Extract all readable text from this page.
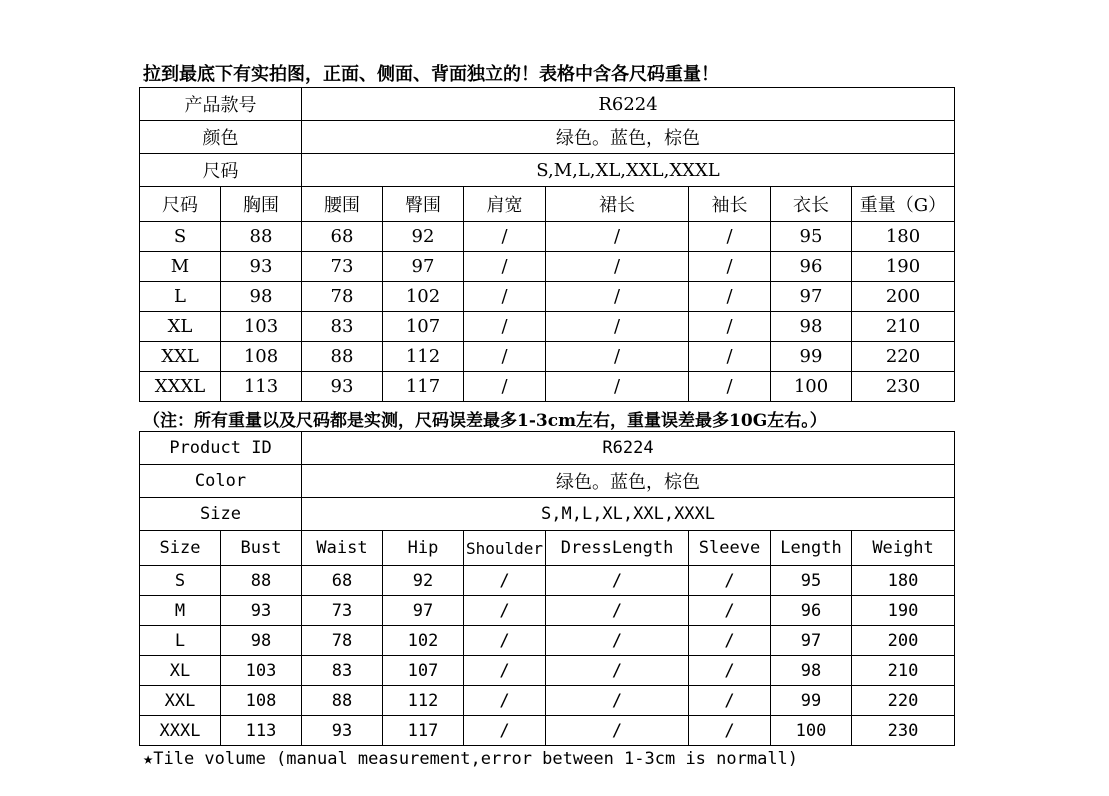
拉到最底下有实拍图，正面、侧面、背面独立的！表格中含各尺码重量！
产品款号		R6224						
颜色		绿色。蓝色，棕色						
尺码		S,M,L,XL,XXL,XXXL						
尺码	胸围	腰围	臀围	肩宽	裙长	袖长	衣长	重量（G）
S	88	68	92	/	/	/	95	180
M	93	73	97	/	/	/	96	190
L	98	78	102	/	/	/	97	200
XL	103	83	107	/	/	/	98	210
XXL	108	88	112	/	/	/	99	220
XXXL	113	93	117	/	/	/	100	230
（注：所有重量以及尺码都是实测，尺码误差最多1-3cm左右，重量误差最多10G左右。）
Product ID		R6224						
Color		绿色。蓝色，棕色						
Size		S,M,L,XL,XXL,XXXL						
Size	Bust	Waist	Hip	Shoulder	DressLength	Sleeve	Length	Weight
S	88	68	92	/	/	/	95	180
M	93	73	97	/	/	/	96	190
L	98	78	102	/	/	/	97	200
XL	103	83	107	/	/	/	98	210
XXL	108	88	112	/	/	/	99	220
XXXL	113	93	117	/	/	/	100	230
★Tile volume (manual measurement,error between 1-3cm is normall)
